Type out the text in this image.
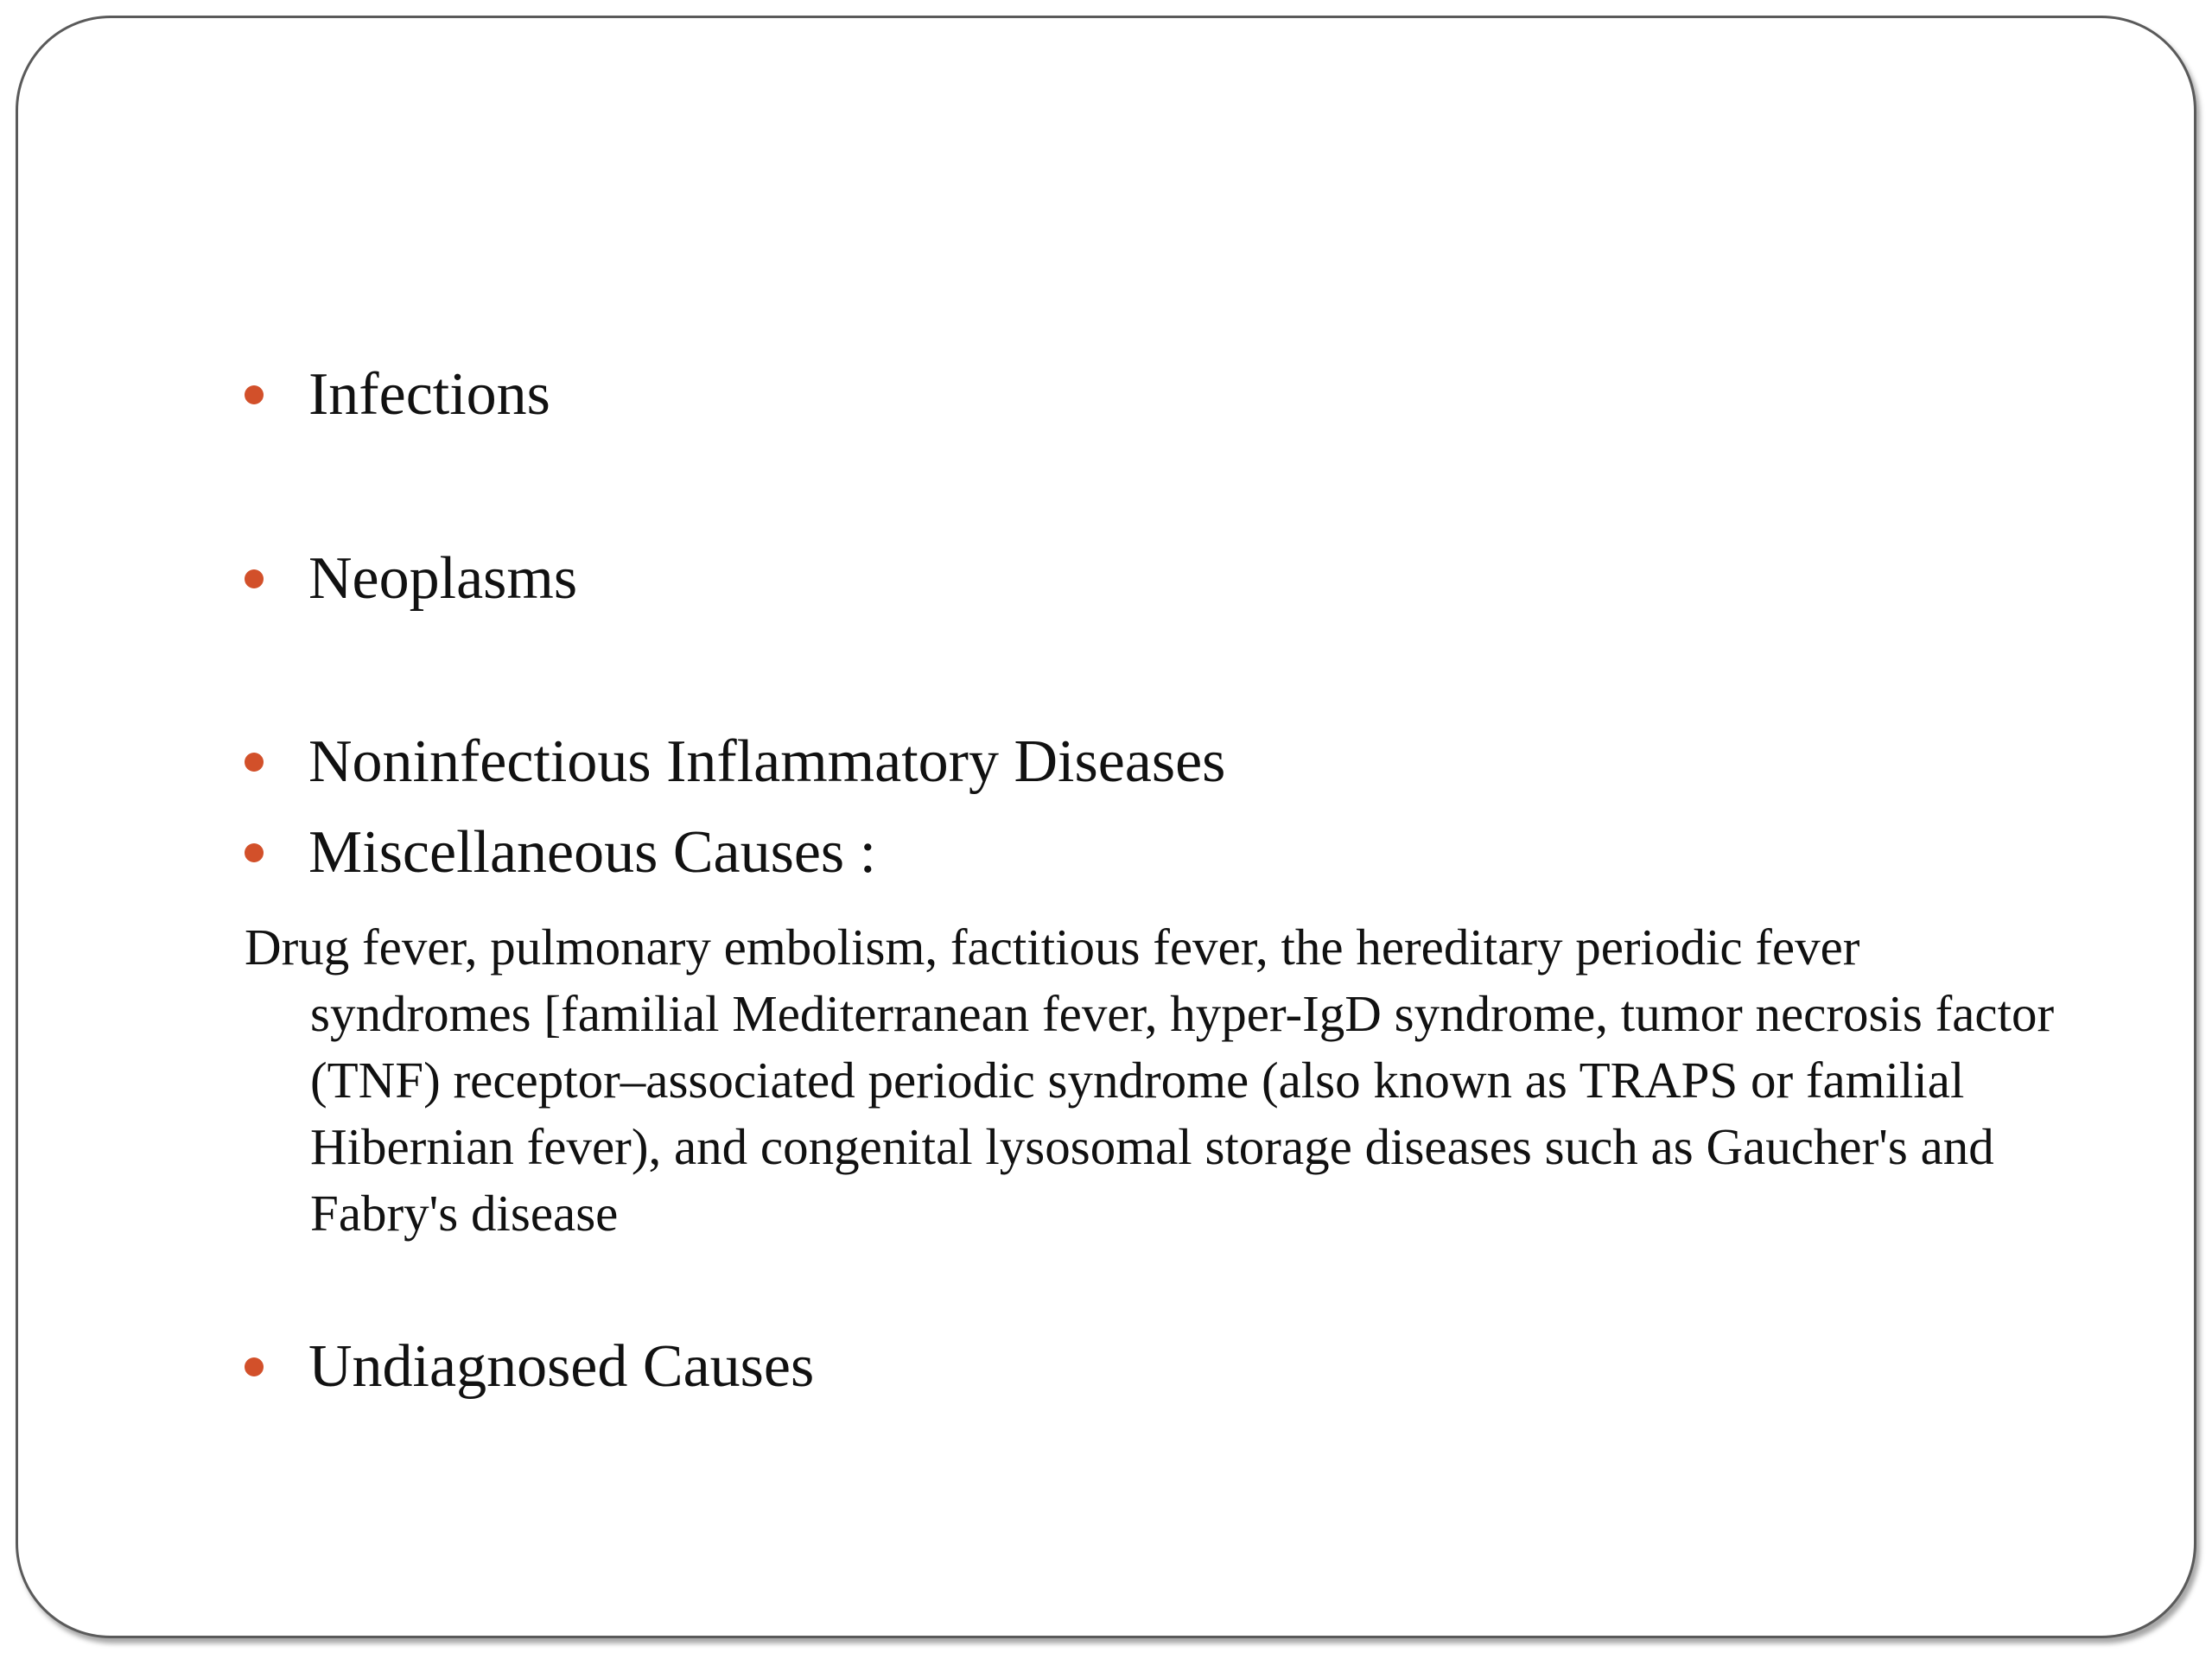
Infections
Neoplasms
Noninfectious Inflammatory Diseases
Miscellaneous Causes :
Drug fever, pulmonary embolism, factitious fever, the hereditary periodic fever syndromes [familial Mediterranean fever, hyper-IgD syndrome, tumor necrosis factor (TNF) receptor–associated periodic syndrome (also known as TRAPS or familial Hibernian fever), and congenital lysosomal storage diseases such as Gaucher's and Fabry's disease
Undiagnosed Causes
